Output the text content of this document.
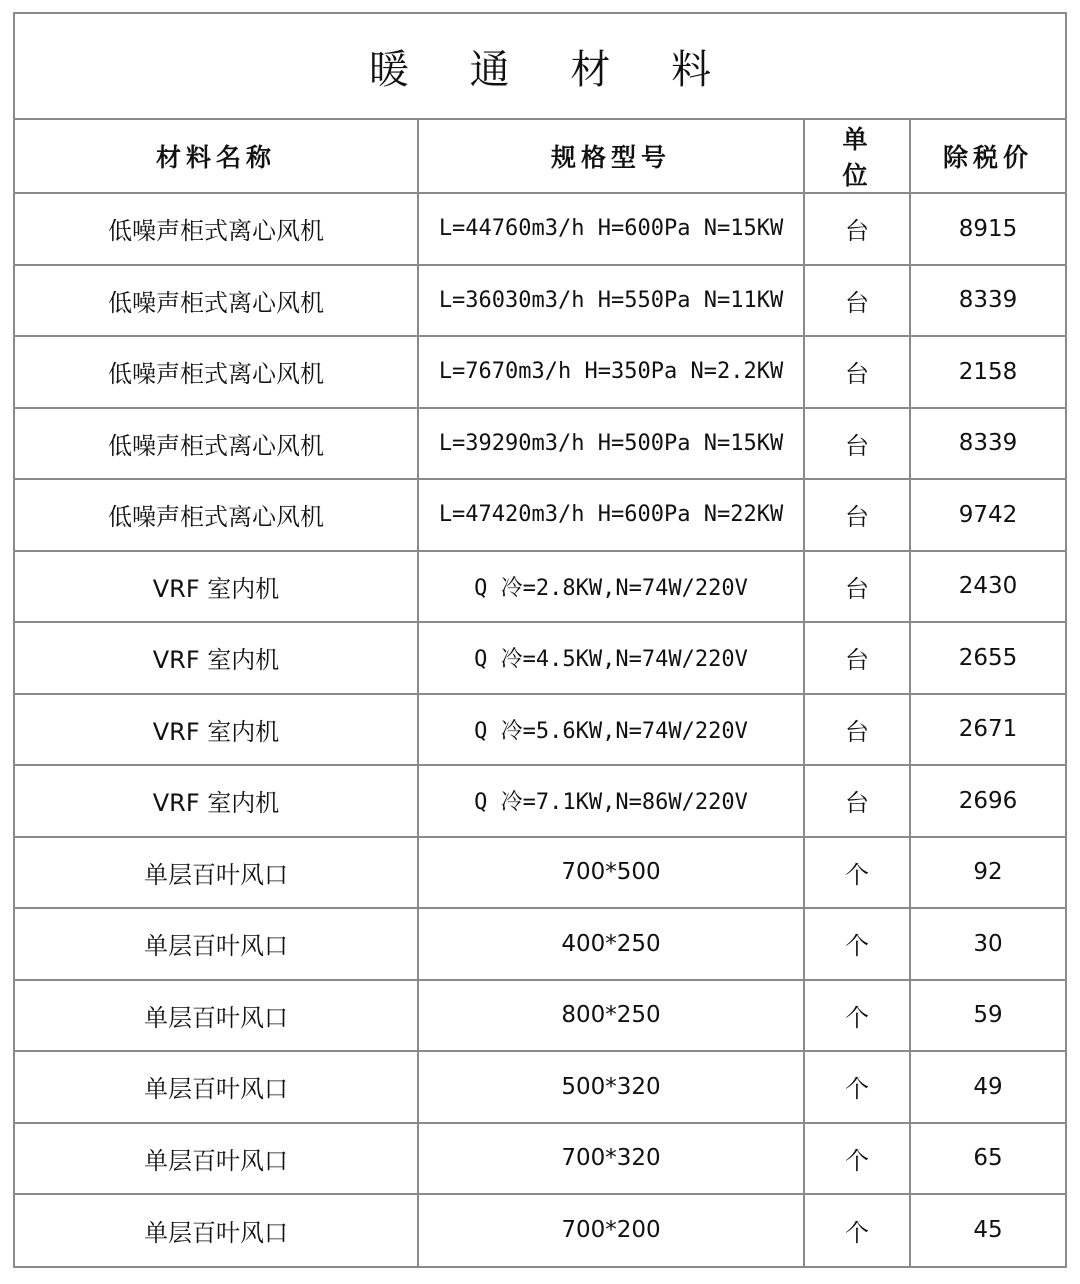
暖 通 材 料
材料名称	规格型号	单 位	除税价
低噪声柜式离心风机	L=44760m3/h H=600Pa N=15KW	台	8915
低噪声柜式离心风机	L=36030m3/h H=550Pa N=11KW	台	8339
低噪声柜式离心风机	L=7670m3/h H=350Pa N=2.2KW	台	2158
低噪声柜式离心风机	L=39290m3/h H=500Pa N=15KW	台	8339
低噪声柜式离心风机	L=47420m3/h H=600Pa N=22KW	台	9742
VRF 室内机	Q 冷=2.8KW,N=74W/220V	台	2430
VRF 室内机	Q 冷=4.5KW,N=74W/220V	台	2655
VRF 室内机	Q 冷=5.6KW,N=74W/220V	台	2671
VRF 室内机	Q 冷=7.1KW,N=86W/220V	台	2696
单层百叶风口	700*500	个	92
单层百叶风口	400*250	个	30
单层百叶风口	800*250	个	59
单层百叶风口	500*320	个	49
单层百叶风口	700*320	个	65
单层百叶风口	700*200	个	45
